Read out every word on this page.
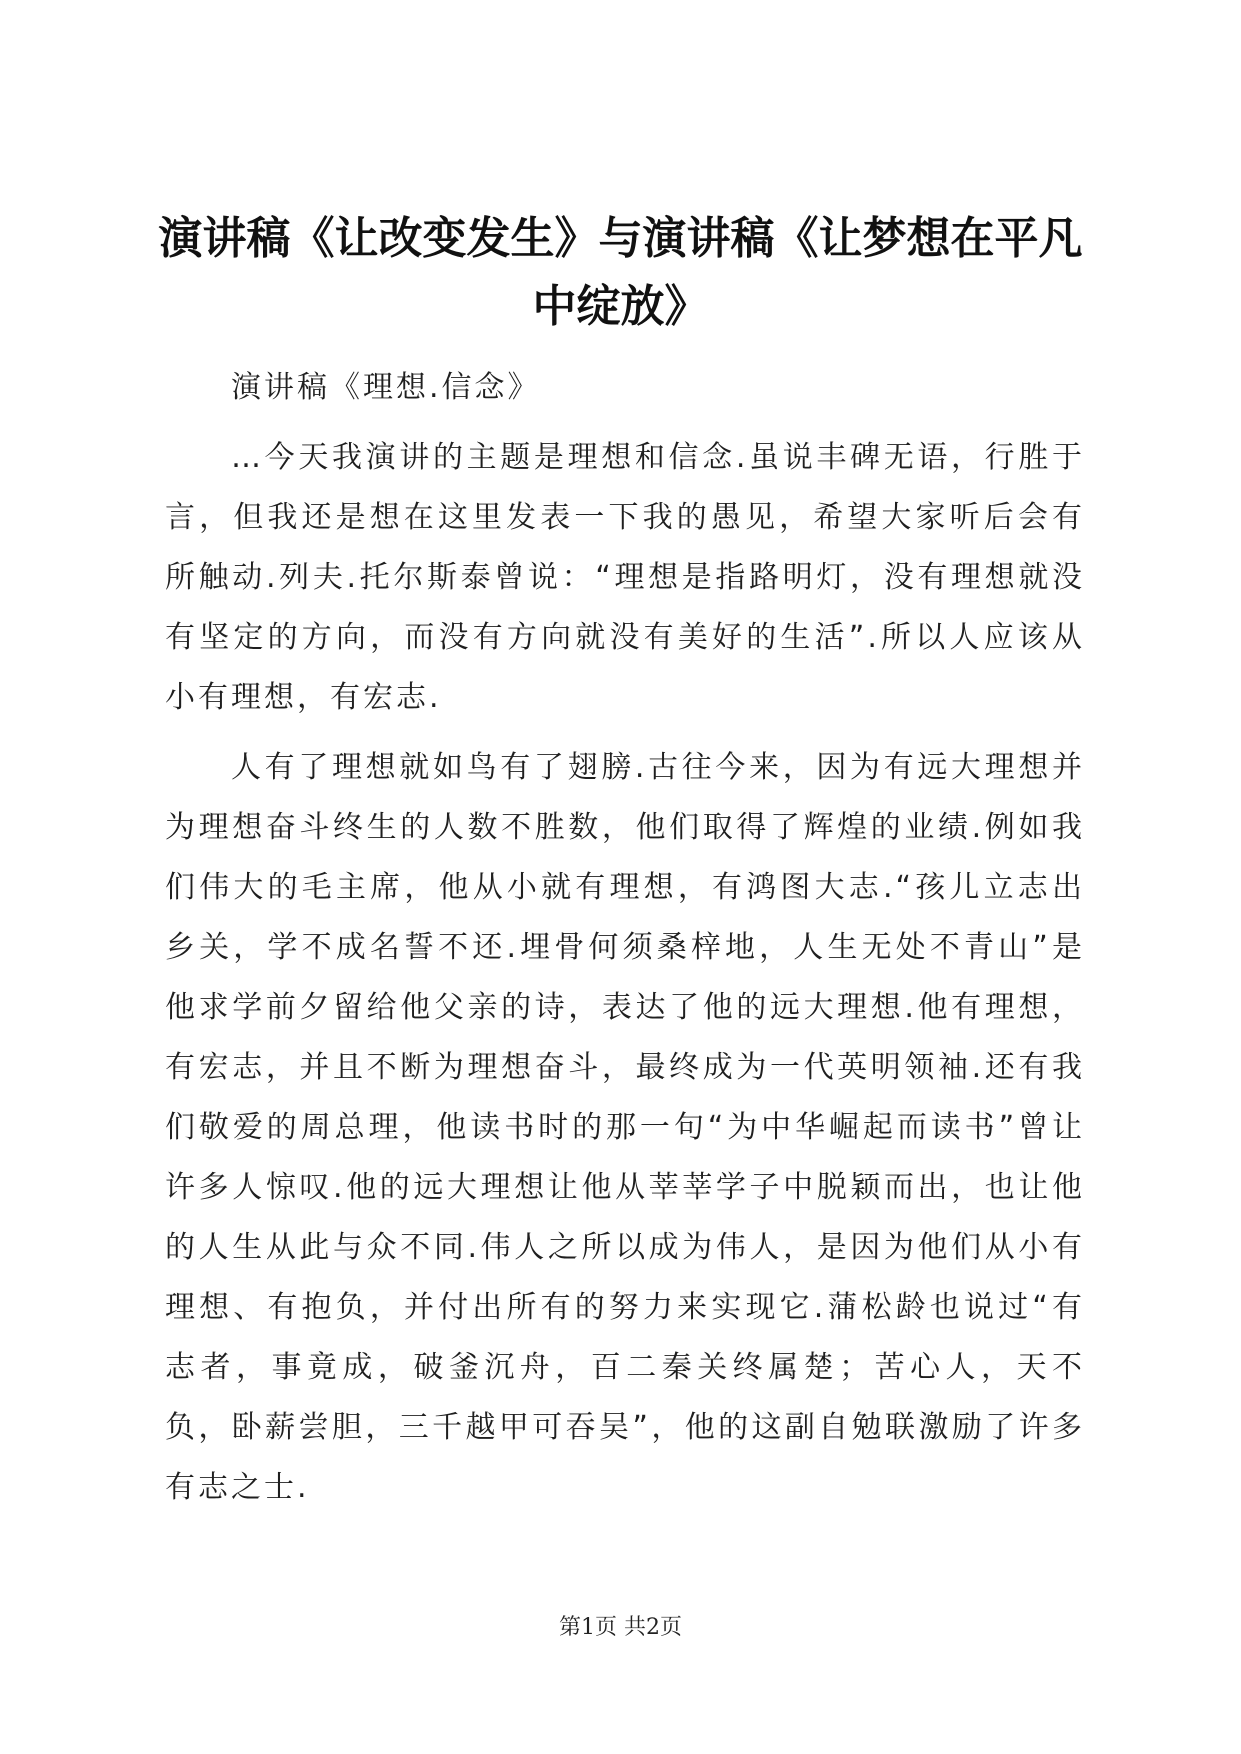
演讲稿《让改变发生》与演讲稿《让梦想在平凡中绽放》

演讲稿《理想.信念》

…今天我演讲的主题是理想和信念.虽说丰碑无语，行胜于言，但我还是想在这里发表一下我的愚见，希望大家听后会有所触动.列夫.托尔斯泰曾说：“理想是指路明灯，没有理想就没有坚定的方向，而没有方向就没有美好的生活”.所以人应该从小有理想，有宏志.

人有了理想就如鸟有了翅膀.古往今来，因为有远大理想并为理想奋斗终生的人数不胜数，他们取得了辉煌的业绩.例如我们伟大的毛主席，他从小就有理想，有鸿图大志.“孩儿立志出乡关，学不成名誓不还.埋骨何须桑梓地，人生无处不青山”是他求学前夕留给他父亲的诗，表达了他的远大理想.他有理想，有宏志，并且不断为理想奋斗，最终成为一代英明领袖.还有我们敬爱的周总理，他读书时的那一句“为中华崛起而读书”曾让许多人惊叹.他的远大理想让他从莘莘学子中脱颖而出，也让他的人生从此与众不同.伟人之所以成为伟人，是因为他们从小有理想、有抱负，并付出所有的努力来实现它.蒲松龄也说过“有志者，事竟成，破釜沉舟，百二秦关终属楚；苦心人，天不负，卧薪尝胆，三千越甲可吞吴”，他的这副自勉联激励了许多有志之士.

第1页 共2页
